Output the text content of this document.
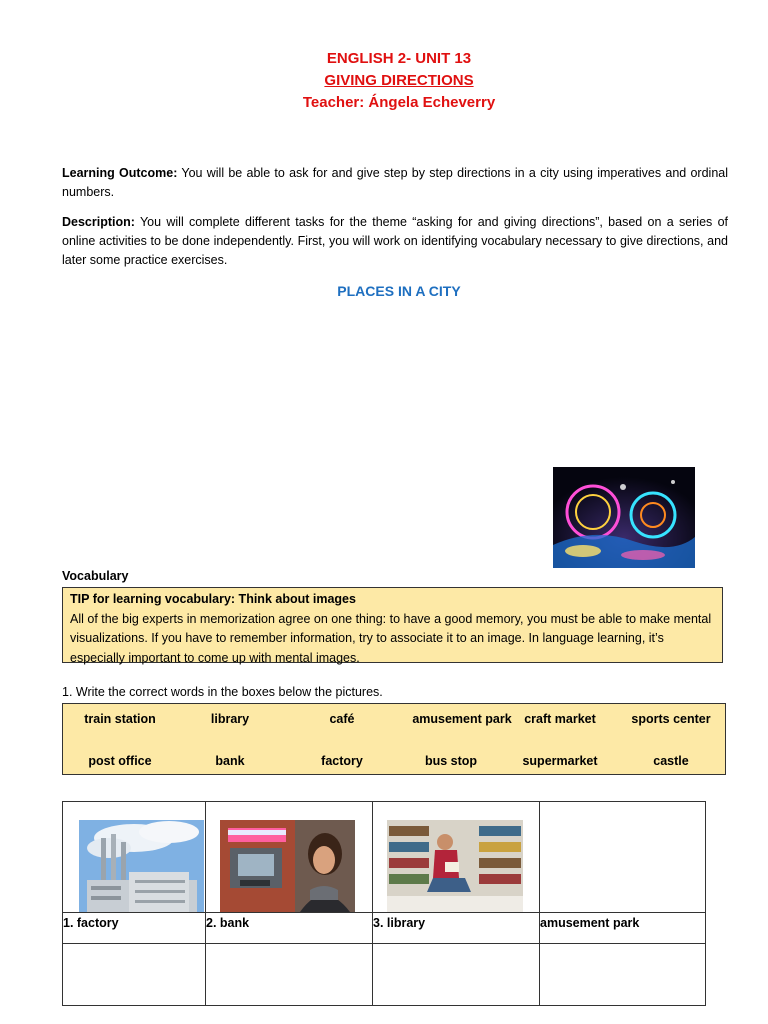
ENGLISH 2- UNIT 13
GIVING DIRECTIONS
Teacher: Ángela Echeverry
Learning Outcome: You will be able to ask for and give step by step directions in a city using imperatives and ordinal numbers.
Description: You will complete different tasks for the theme “asking for and giving directions”, based on a series of online activities to be done independently. First, you will work on identifying vocabulary necessary to give directions, and later some practice exercises.
PLACES IN A CITY
Vocabulary
TIP for learning vocabulary: Think about images
All of the big experts in memorization agree on one thing: to have a good memory, you must be able to make mental visualizations. If you have to remember information, try to associate it to an image. In language learning, it’s especially important to come up with mental images.
1. Write the correct words in the boxes below the pictures.
train station	library	café	amusement park	craft market	sports center
post office	bank	factory	bus stop	supermarket	castle
1. factory	2. bank	3. library	amusement park
